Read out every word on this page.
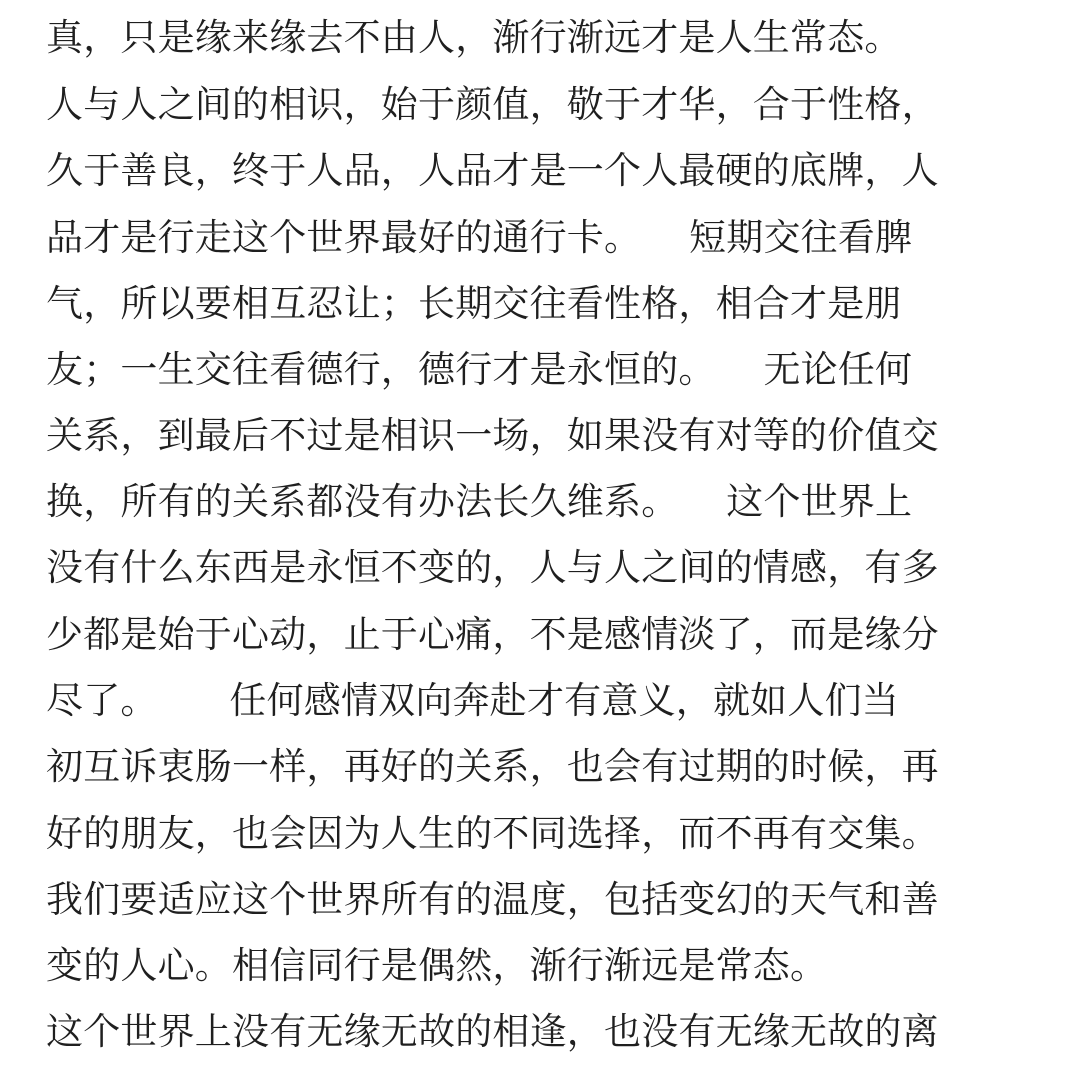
真，只是缘来缘去不由人，渐行渐远才是人生常态。
人与人之间的相识，始于颜值，敬于才华，合于性格，
久于善良，终于人品，人品才是一个人最硬的底牌，人
品才是行走这个世界最好的通行卡。    短期交往看脾
气，所以要相互忍让；长期交往看性格，相合才是朋
友；一生交往看德行，德行才是永恒的。    无论任何
关系，到最后不过是相识一场，如果没有对等的价值交
换，所有的关系都没有办法长久维系。    这个世界上
没有什么东西是永恒不变的，人与人之间的情感，有多
少都是始于心动，止于心痛，不是感情淡了，而是缘分
尽了。      任何感情双向奔赴才有意义，就如人们当
初互诉衷肠一样，再好的关系，也会有过期的时候，再
好的朋友，也会因为人生的不同选择，而不再有交集。
我们要适应这个世界所有的温度，包括变幻的天气和善
变的人心。相信同行是偶然，渐行渐远是常态。
这个世界上没有无缘无故的相逢，也没有无缘无故的离
